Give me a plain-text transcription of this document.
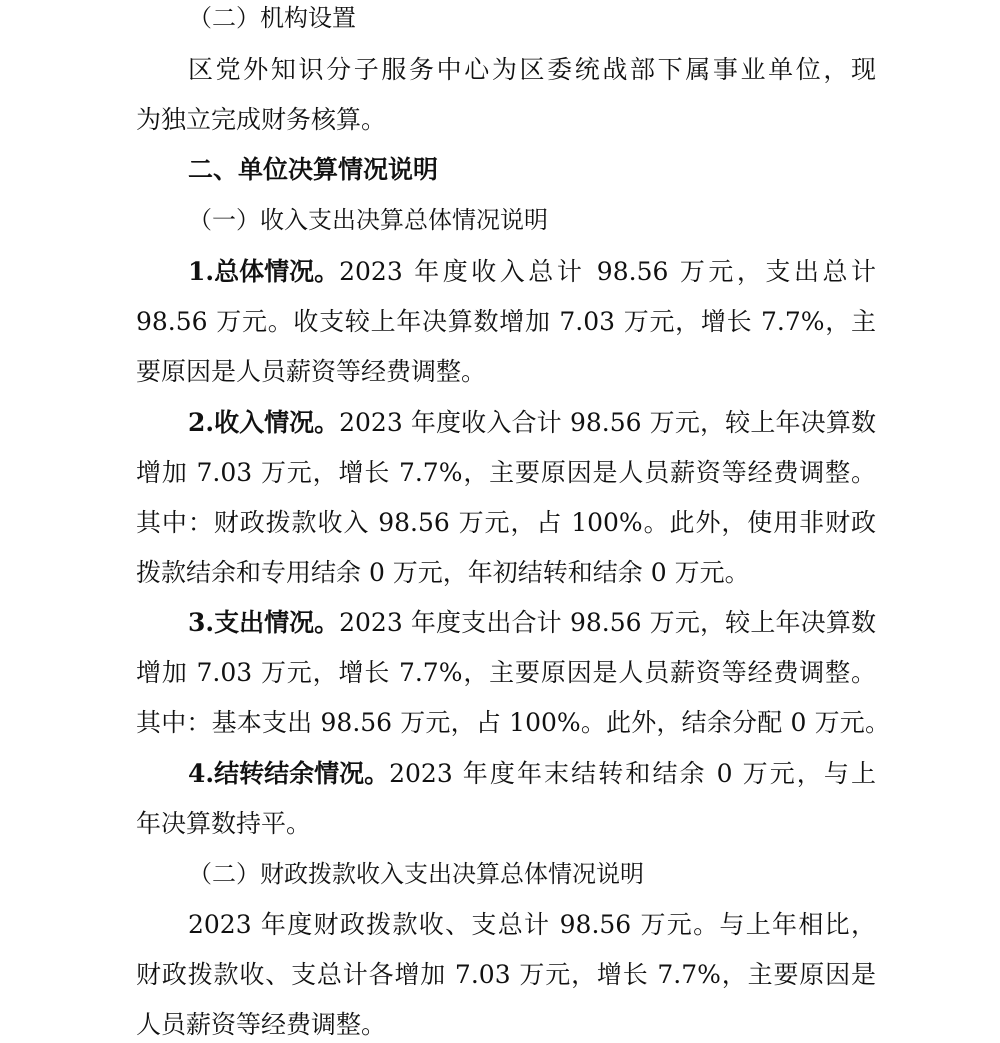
（二）机构设置
区党外知识分子服务中心为区委统战部下属事业单位，现
为独立完成财务核算。
二、单位决算情况说明
（一）收入支出决算总体情况说明
1.总体情况。 2023 年度收入总计 98.56 万元，支出总计
98.56 万元。收支较上年决算数增加 7.03 万元，增长 7.7%，主
要原因是人员薪资等经费调整。
2.收入情况。 2023 年度收入合计 98.56 万元，较上年决算数
增加 7.03 万元，增长 7.7%，主要原因是人员薪资等经费调整。
其中：财政拨款收入 98.56 万元，占 100%。此外，使用非财政
拨款结余和专用结余 0 万元，年初结转和结余 0 万元。
3.支出情况。 2023 年度支出合计 98.56 万元，较上年决算数
增加 7.03 万元，增长 7.7%，主要原因是人员薪资等经费调整。
其中：基本支出 98.56 万元，占 100%。此外，结余分配 0 万元。
4.结转结余情况。 2023 年度年末结转和结余 0 万元，与上
年决算数持平。
（二）财政拨款收入支出决算总体情况说明
2023 年度财政拨款收、支总计 98.56 万元。与上年相比，
财政拨款收、支总计各增加 7.03 万元，增长 7.7%，主要原因是
人员薪资等经费调整。
